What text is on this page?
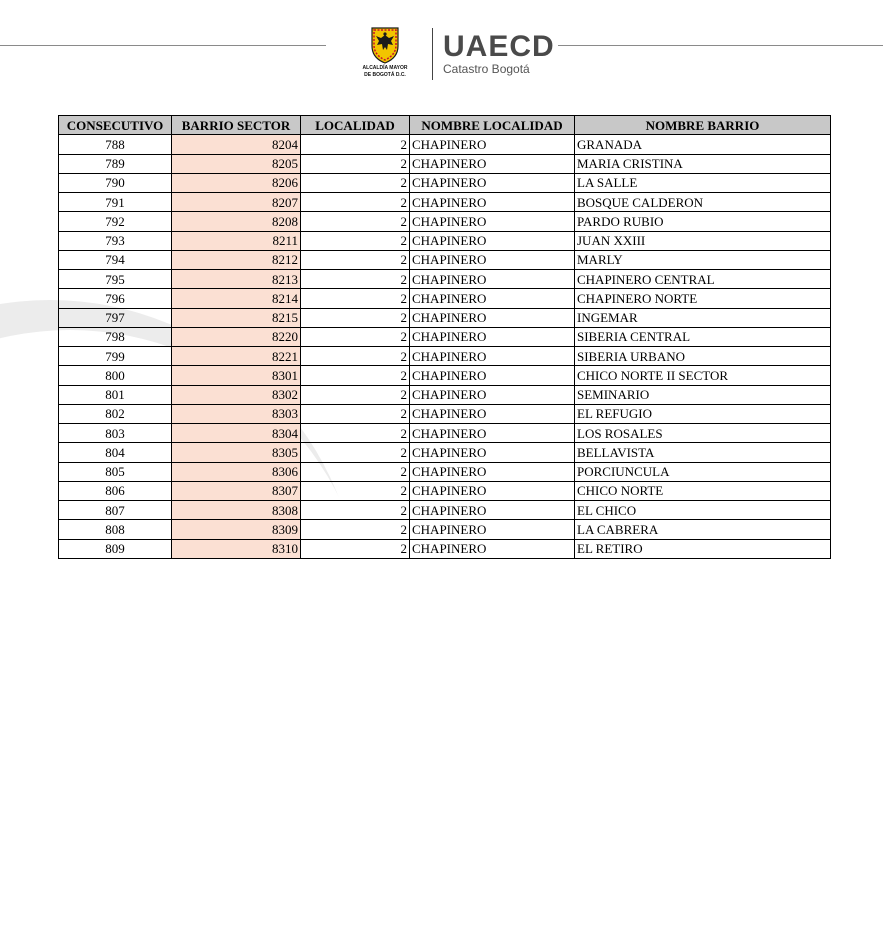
ALCALDÍA MAYOR
DE BOGOTÁ D.C.
UAECD
Catastro Bogotá
CONSECUTIVO	BARRIO SECTOR	LOCALIDAD	NOMBRE LOCALIDAD	NOMBRE BARRIO
788	8204	2	CHAPINERO	GRANADA
789	8205	2	CHAPINERO	MARIA CRISTINA
790	8206	2	CHAPINERO	LA SALLE
791	8207	2	CHAPINERO	BOSQUE CALDERON
792	8208	2	CHAPINERO	PARDO RUBIO
793	8211	2	CHAPINERO	JUAN XXIII
794	8212	2	CHAPINERO	MARLY
795	8213	2	CHAPINERO	CHAPINERO CENTRAL
796	8214	2	CHAPINERO	CHAPINERO NORTE
797	8215	2	CHAPINERO	INGEMAR
798	8220	2	CHAPINERO	SIBERIA CENTRAL
799	8221	2	CHAPINERO	SIBERIA URBANO
800	8301	2	CHAPINERO	CHICO NORTE II SECTOR
801	8302	2	CHAPINERO	SEMINARIO
802	8303	2	CHAPINERO	EL REFUGIO
803	8304	2	CHAPINERO	LOS ROSALES
804	8305	2	CHAPINERO	BELLAVISTA
805	8306	2	CHAPINERO	PORCIUNCULA
806	8307	2	CHAPINERO	CHICO NORTE
807	8308	2	CHAPINERO	EL CHICO
808	8309	2	CHAPINERO	LA CABRERA
809	8310	2	CHAPINERO	EL RETIRO
